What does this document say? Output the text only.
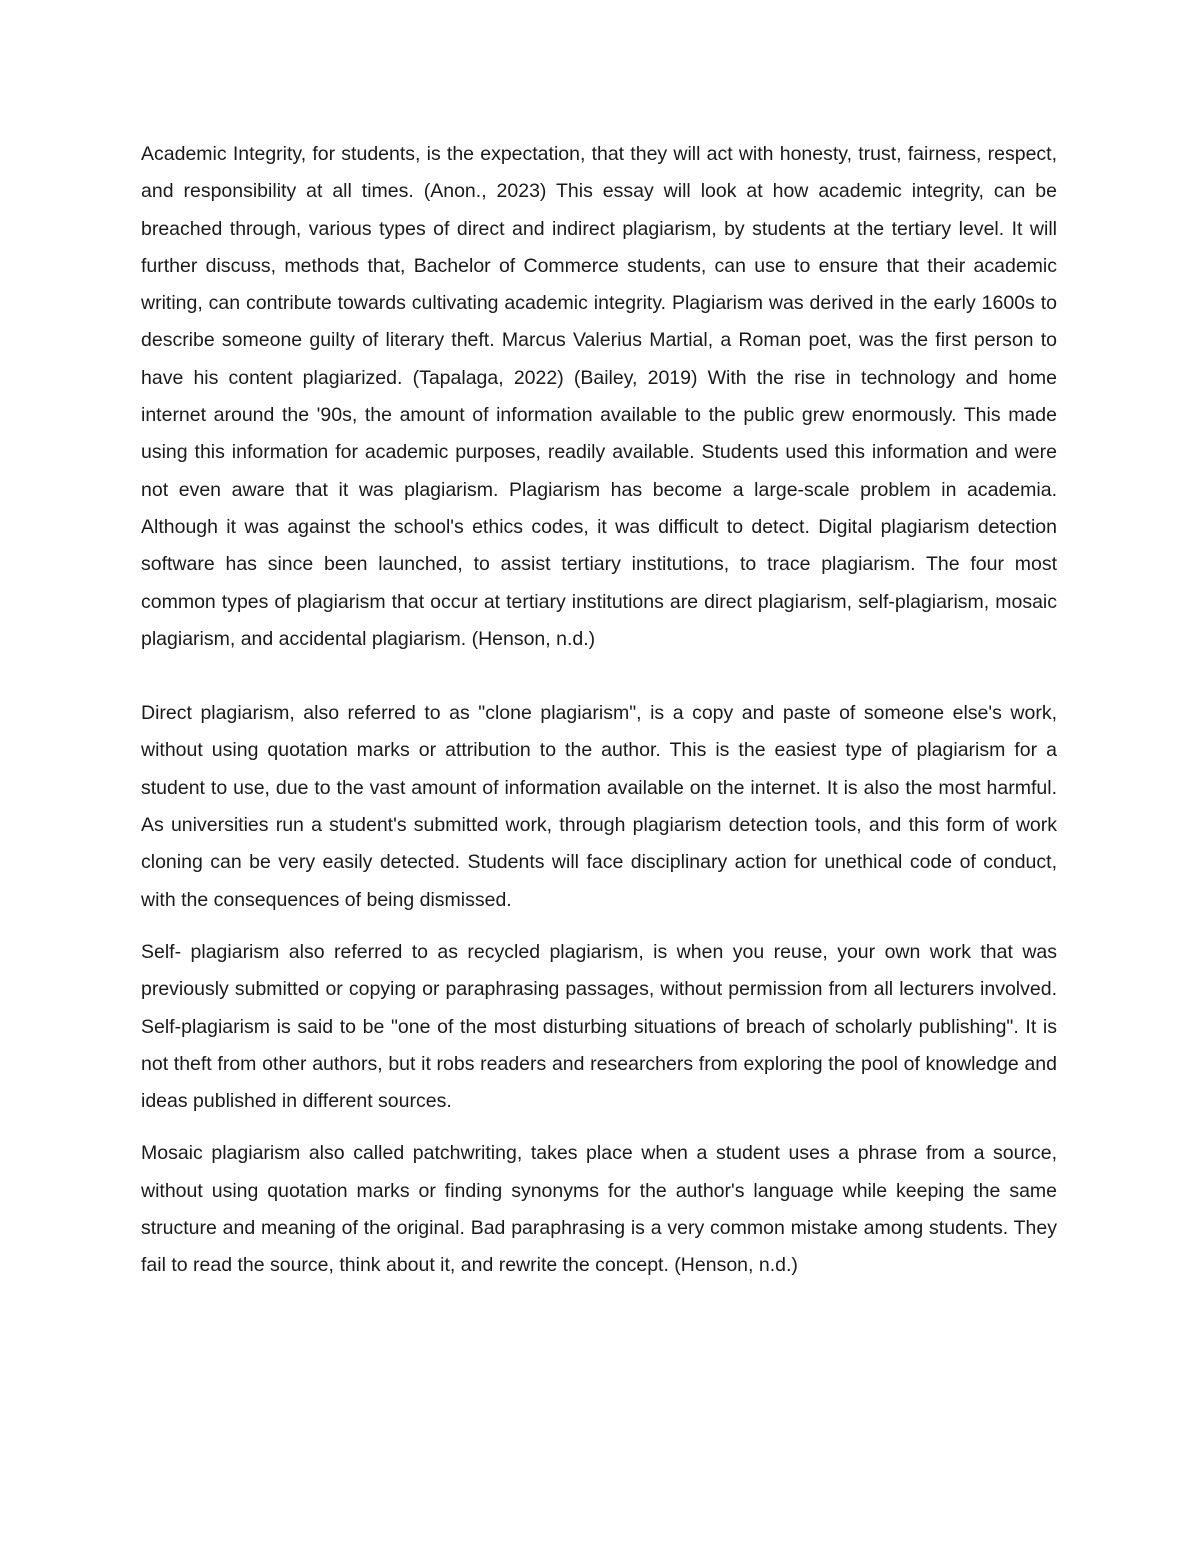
Academic Integrity, for students, is the expectation, that they will act with honesty, trust, fairness, respect, and responsibility at all times. (Anon., 2023) This essay will look at how academic integrity, can be breached through, various types of direct and indirect plagiarism, by students at the tertiary level. It will further discuss, methods that, Bachelor of Commerce students, can use to ensure that their academic writing, can contribute towards cultivating academic integrity. Plagiarism was derived in the early 1600s to describe someone guilty of literary theft. Marcus Valerius Martial, a Roman poet, was the first person to have his content plagiarized. (Tapalaga, 2022) (Bailey, 2019) With the rise in technology and home internet around the '90s, the amount of information available to the public grew enormously. This made using this information for academic purposes, readily available. Students used this information and were not even aware that it was plagiarism. Plagiarism has become a large-scale problem in academia. Although it was against the school's ethics codes, it was difficult to detect. Digital plagiarism detection software has since been launched, to assist tertiary institutions, to trace plagiarism. The four most common types of plagiarism that occur at tertiary institutions are direct plagiarism, self-plagiarism, mosaic plagiarism, and accidental plagiarism. (Henson, n.d.)

Direct plagiarism, also referred to as "clone plagiarism", is a copy and paste of someone else's work, without using quotation marks or attribution to the author. This is the easiest type of plagiarism for a student to use, due to the vast amount of information available on the internet. It is also the most harmful. As universities run a student's submitted work, through plagiarism detection tools, and this form of work cloning can be very easily detected. Students will face disciplinary action for unethical code of conduct, with the consequences of being dismissed.

Self- plagiarism also referred to as recycled plagiarism, is when you reuse, your own work that was previously submitted or copying or paraphrasing passages, without permission from all lecturers involved. Self-plagiarism is said to be "one of the most disturbing situations of breach of scholarly publishing". It is not theft from other authors, but it robs readers and researchers from exploring the pool of knowledge and ideas published in different sources.

Mosaic plagiarism also called patchwriting, takes place when a student uses a phrase from a source, without using quotation marks or finding synonyms for the author's language while keeping the same structure and meaning of the original. Bad paraphrasing is a very common mistake among students. They fail to read the source, think about it, and rewrite the concept. (Henson, n.d.)
